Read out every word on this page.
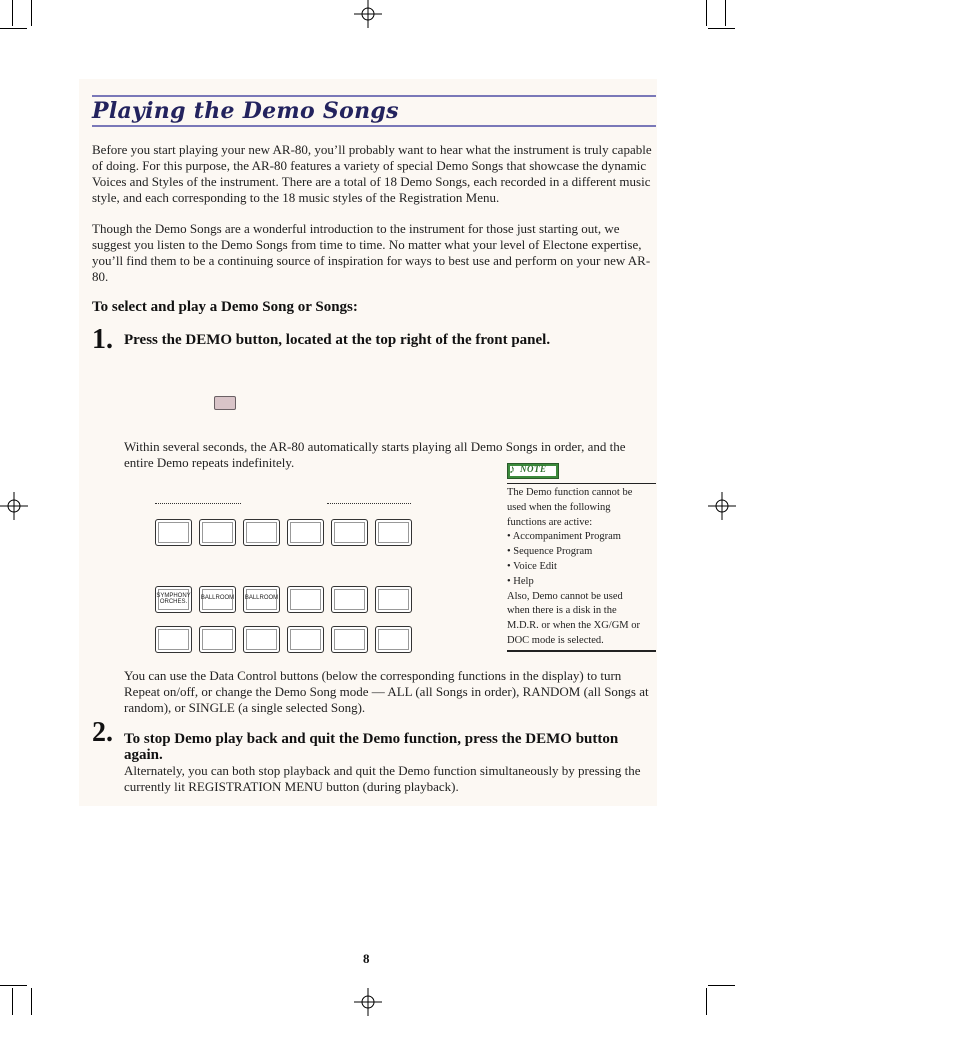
Playing the Demo Songs
Before you start playing your new AR-80, you’ll probably want to hear what the instrument is truly capable of doing. For this purpose, the AR-80 features a variety of special Demo Songs that showcase the dynamic Voices and Styles of the instrument. There are a total of 18 Demo Songs, each recorded in a different music style, and each corresponding to the 18 music styles of the Registration Menu.
Though the Demo Songs are a wonderful introduction to the instrument for those just starting out, we suggest you listen to the Demo Songs from time to time. No matter what your level of Electone expertise, you’ll find them to be a continuing source of inspiration for ways to best use and perform on your new AR-80.
To select and play a Demo Song or Songs:
1. Press the DEMO button, located at the top right of the front panel.
Within several seconds, the AR-80 automatically starts playing all Demo Songs in order, and the entire Demo repeats indefinitely.
SYMPHONY ORCHES.
BALLROOM BALLROOM
♪ NOTE
The Demo function cannot be
used when the following
functions are active:
• Accompaniment Program
• Sequence Program
• Voice Edit
• Help
Also, Demo cannot be used
when there is a disk in the
M.D.R. or when the XG/GM or
DOC mode is selected.
You can use the Data Control buttons (below the corresponding functions in the display) to turn Repeat on/off, or change the Demo Song mode — ALL (all Songs in order), RANDOM (all Songs at random), or SINGLE (a single selected Song).
2. To stop Demo play back and quit the Demo function, press the DEMO button again.
Alternately, you can both stop playback and quit the Demo function simultaneously by pressing the currently lit REGISTRATION MENU button (during playback).
8
